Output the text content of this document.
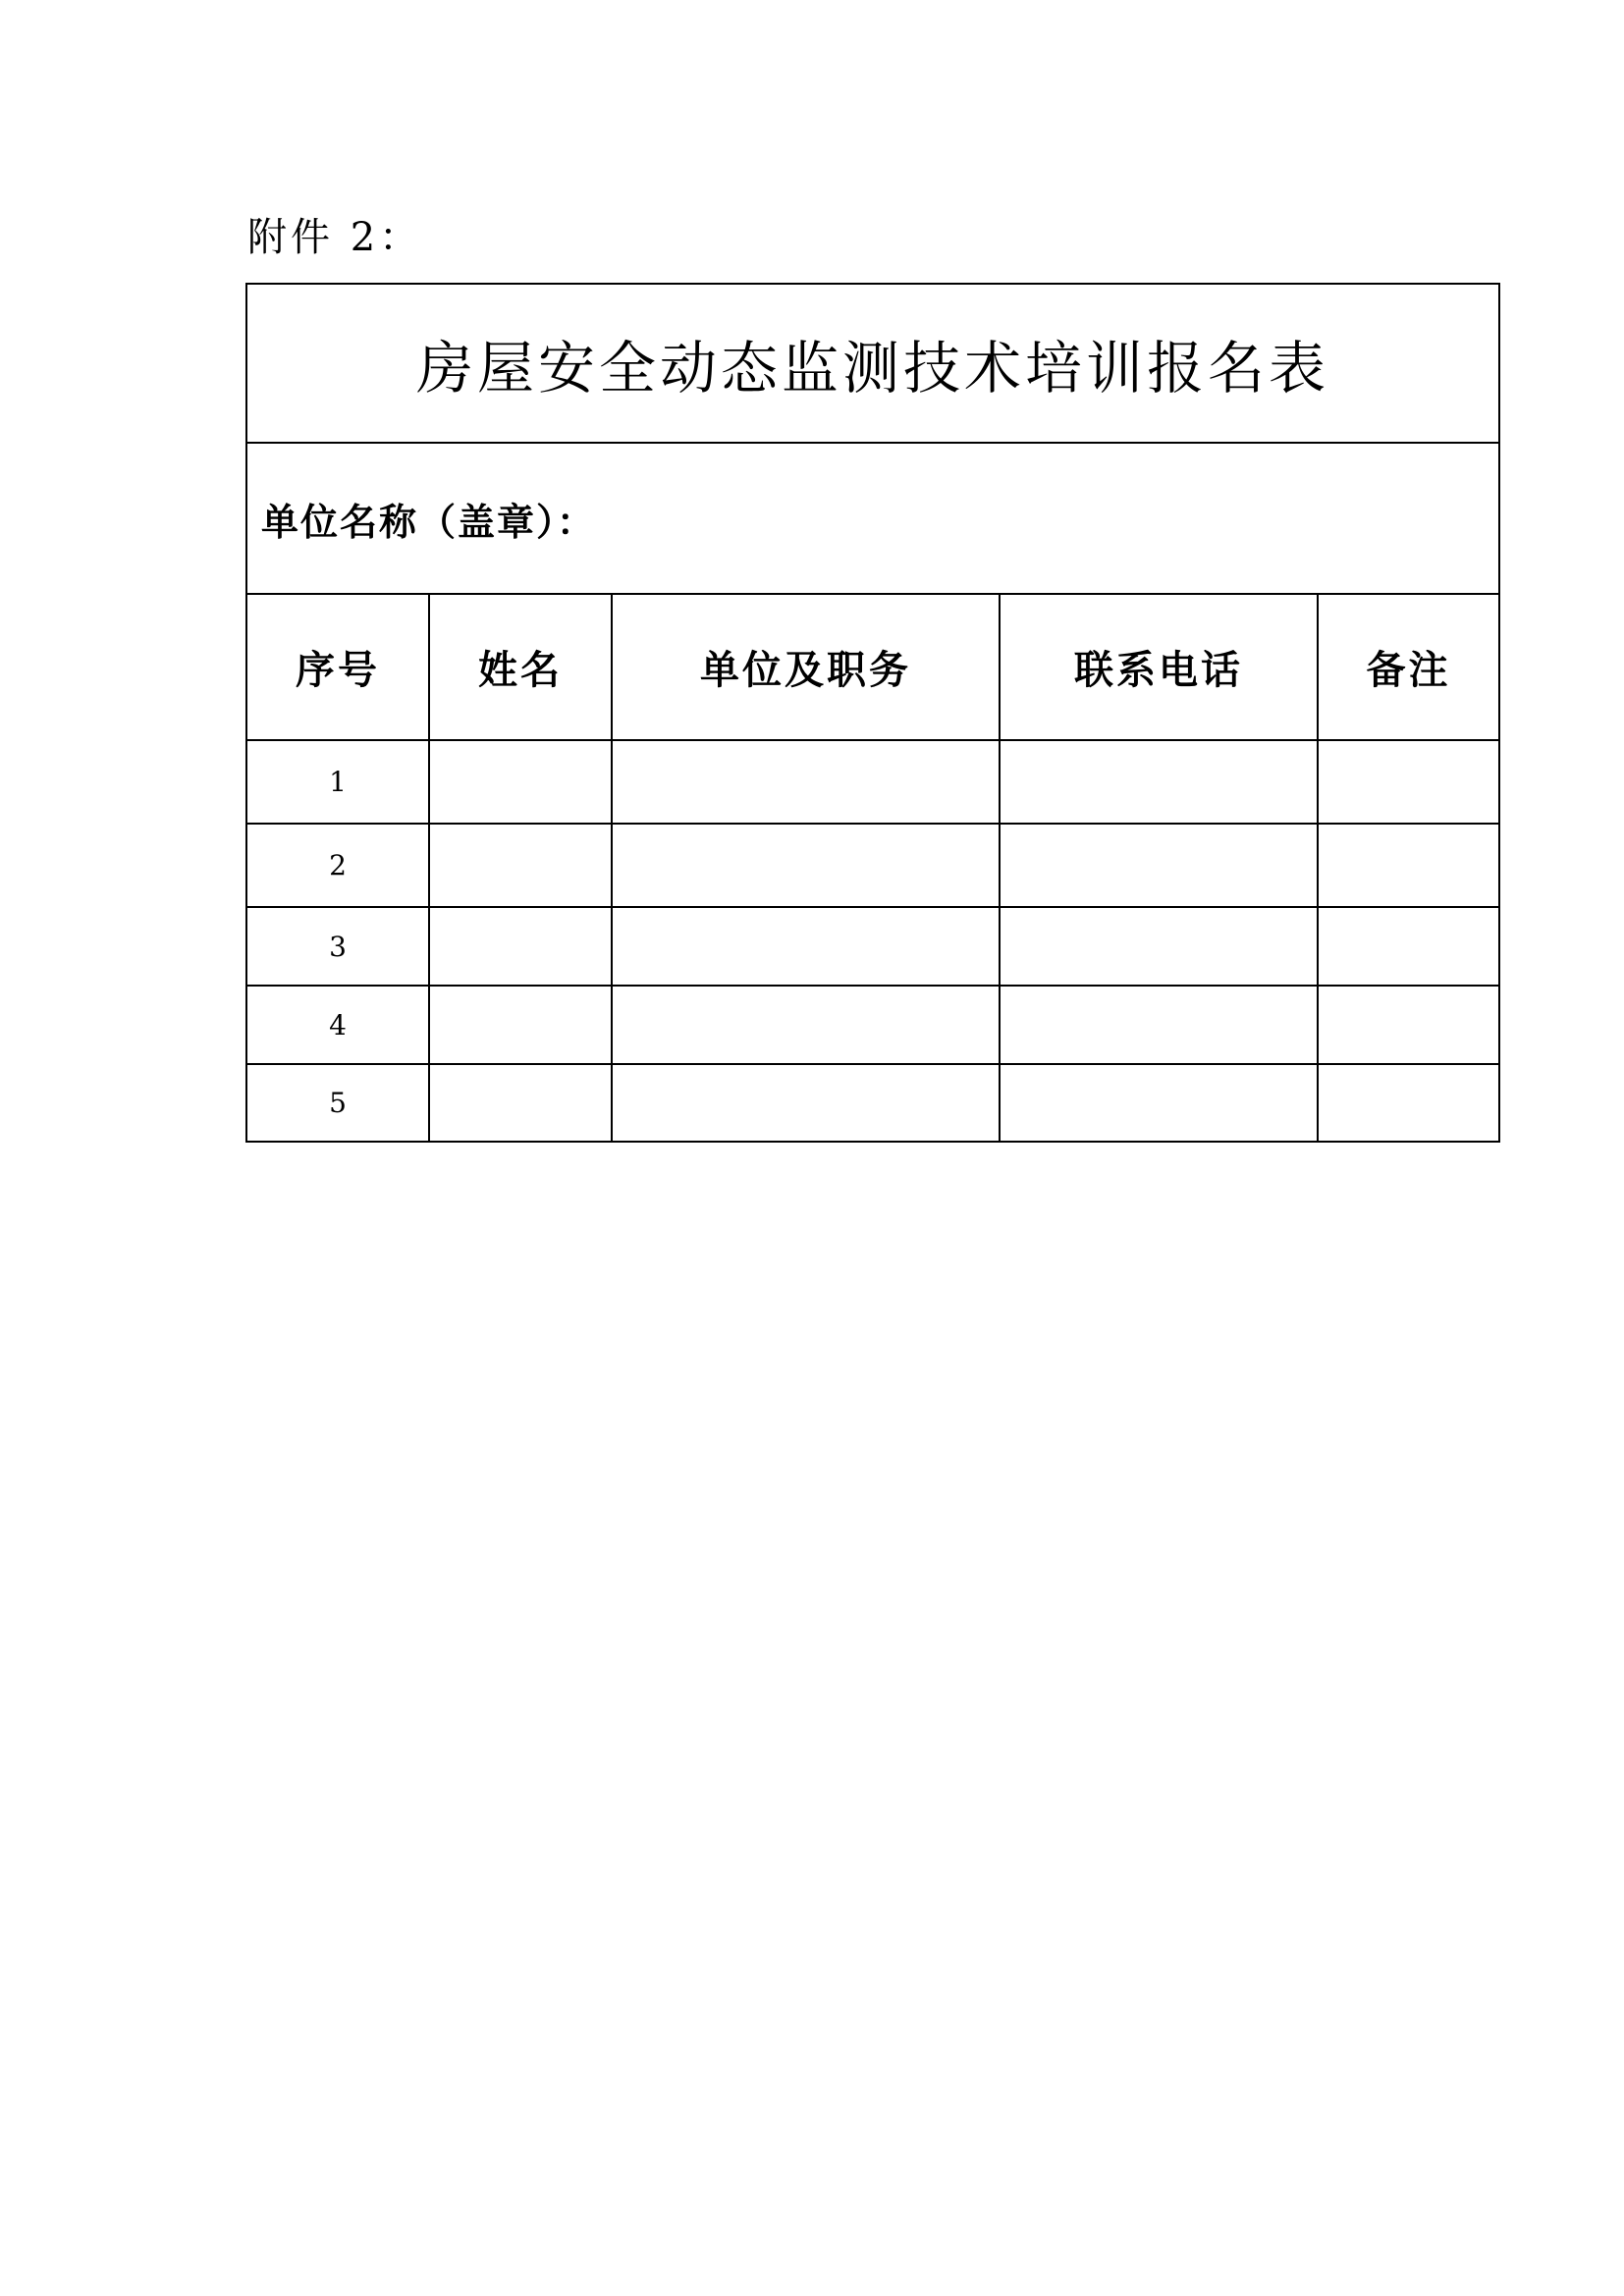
附件 2：
房屋安全动态监测技术培训报名表				
单位名称（盖章）：				
序号	姓名	单位及职务	联系电话	备注
1				
2				
3				
4				
5				
